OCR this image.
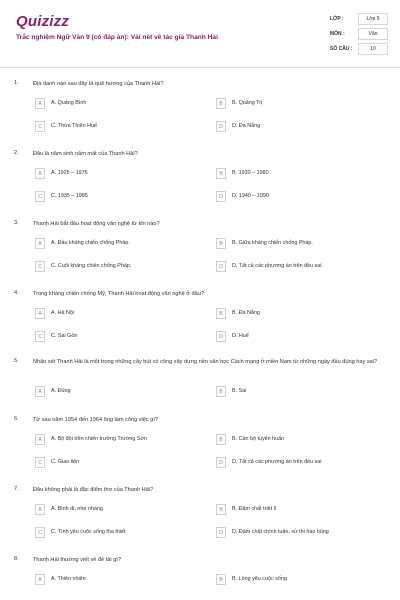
Quizizz
Trắc nghiệm Ngữ Văn 9 (có đáp án): Vài nét về tác giả Thanh Hải
LỚP :	Lớp 9
MÔN :	Văn
SỐ CÂU :	10
1.	Địa danh nào sau đây là quê hương của Thanh Hải?
A	A. Quảng Bình	B	B. Quảng Trị
C	C. Thừa Thiên Huế	D	D. Đà Nẵng
2.	Đâu là năm sinh năm mất của Thanh Hải?
A	A. 1925 – 1975	B	B. 1930 – 1980
C	C. 1935 – 1985	D	D. 1940 – 1990
3.	Thanh Hải bắt đầu hoạt động văn nghệ từ khi nào?
A	A. Đầu kháng chiến chống Pháp.	B	B. Giữa kháng chiến chống Pháp.
C	C. Cuối kháng chiến chống Pháp.	D	D. Tất cả các phương án trên đều sai.
4.	Trong kháng chiến chống Mỹ, Thanh Hải hoạt động văn nghệ ở đâu?
A	A. Hà Nội	B	B. Đà Nẵng
C	C. Sài Gòn	D	D. Huế
5.	Nhận xét Thanh Hải là một trong những cây bút có công xây dựng nền văn học Cách mạng ở miền Nam từ những ngày đầu đúng hay sai?
A	A. Đúng	B	B. Sai
6.	Từ sau năm 1954 đến 1964 ông làm công việc gì?
A	A. Bộ đội trên chiến trường Trường Sơn	B	B. Cán bộ tuyên huấn
C	C. Giao liên	D	D. Tất cả các phương án trên đều sai
7.	Đâu không phải là đặc điểm thơ của Thanh Hải?
A	A. Bình dị, nhẹ nhàng	B	B. Đậm chất triết lí
C	C. Tình yêu cuộc sống tha thiết	D	D. Đậm chất chính luận, sử thi hào hùng
8.	Thanh Hải thường viết về đề tài gì?
A	A. Thiên nhiên	B	B. Lòng yêu cuộc sống
